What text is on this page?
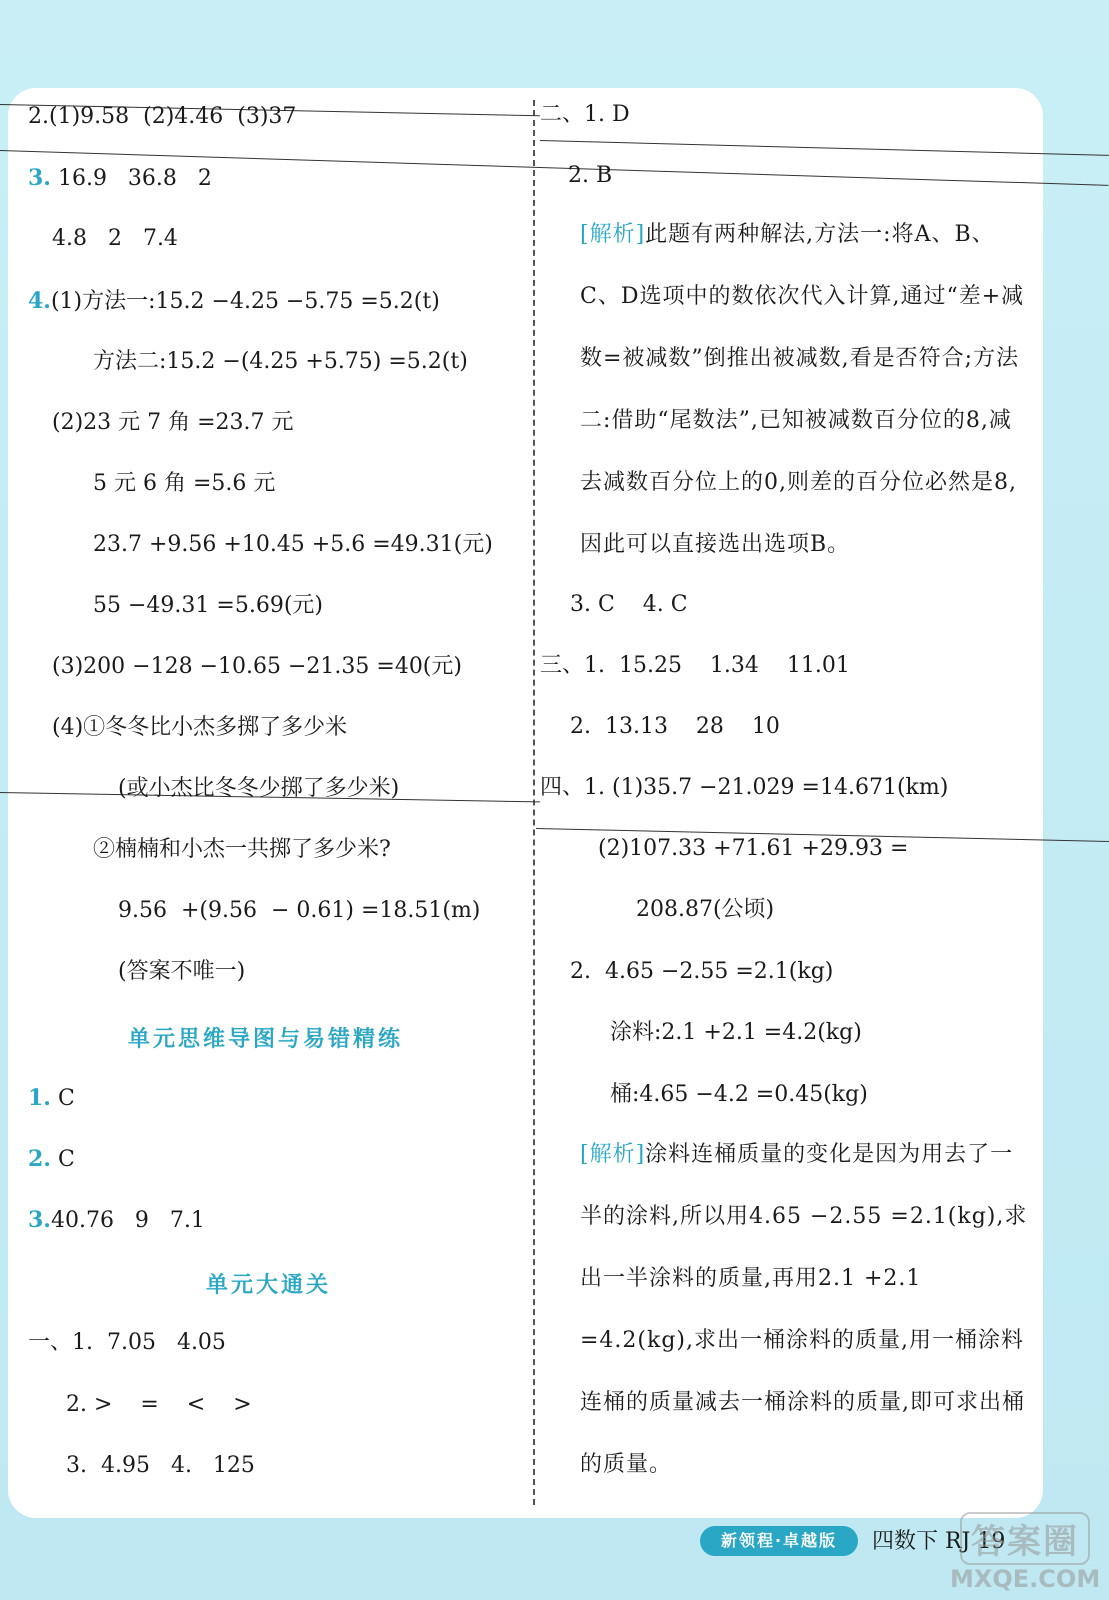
2.(1)9.58  (2)4.46  (3)37
3. 16.9   36.8   2
4.8   2   7.4
4.(1)方法一:15.2 −4.25 −5.75 =5.2(t)
方法二:15.2 −(4.25 +5.75) =5.2(t)
(2)23 元 7 角 =23.7 元
5 元 6 角 =5.6 元
23.7 +9.56 +10.45 +5.6 =49.31(元)
55 −49.31 =5.69(元)
(3)200 −128 −10.65 −21.35 =40(元)
(4)①冬冬比小杰多掷了多少米
(或小杰比冬冬少掷了多少米)
②楠楠和小杰一共掷了多少米?
9.56  +(9.56  − 0.61) =18.51(m)
(答案不唯一)
单元思维导图与易错精练
1. C
2. C
3.40.76   9   7.1
单元大通关
一、1.  7.05   4.05
2. >    =    <    >
3.  4.95   4.   125
二、1. D
2. B
[解析]此题有两种解法,方法一:将A、B、C、D选项中的数依次代入计算,通过“差+减数=被减数”倒推出被减数,看是否符合;方法二:借助“尾数法”,已知被减数百分位的8,减去减数百分位上的0,则差的百分位必然是8,因此可以直接选出选项B。
3. C    4. C
三、1.  15.25    1.34    11.01
2.  13.13    28    10
四、1. (1)35.7 −21.029 =14.671(km)
(2)107.33 +71.61 +29.93 =
208.87(公顷)
2.  4.65 −2.55 =2.1(kg)
涂料:2.1 +2.1 =4.2(kg)
桶:4.65 −4.2 =0.45(kg)
[解析]涂料连桶质量的变化是因为用去了一半的涂料,所以用4.65 −2.55 =2.1(kg),求出一半涂料的质量,再用2.1 +2.1 =4.2(kg),求出一桶涂料的质量,用一桶涂料连桶的质量减去一桶涂料的质量,即可求出桶的质量。
新领程·卓越版	四数下 RJ 19
答案圈
MXQE.COM
